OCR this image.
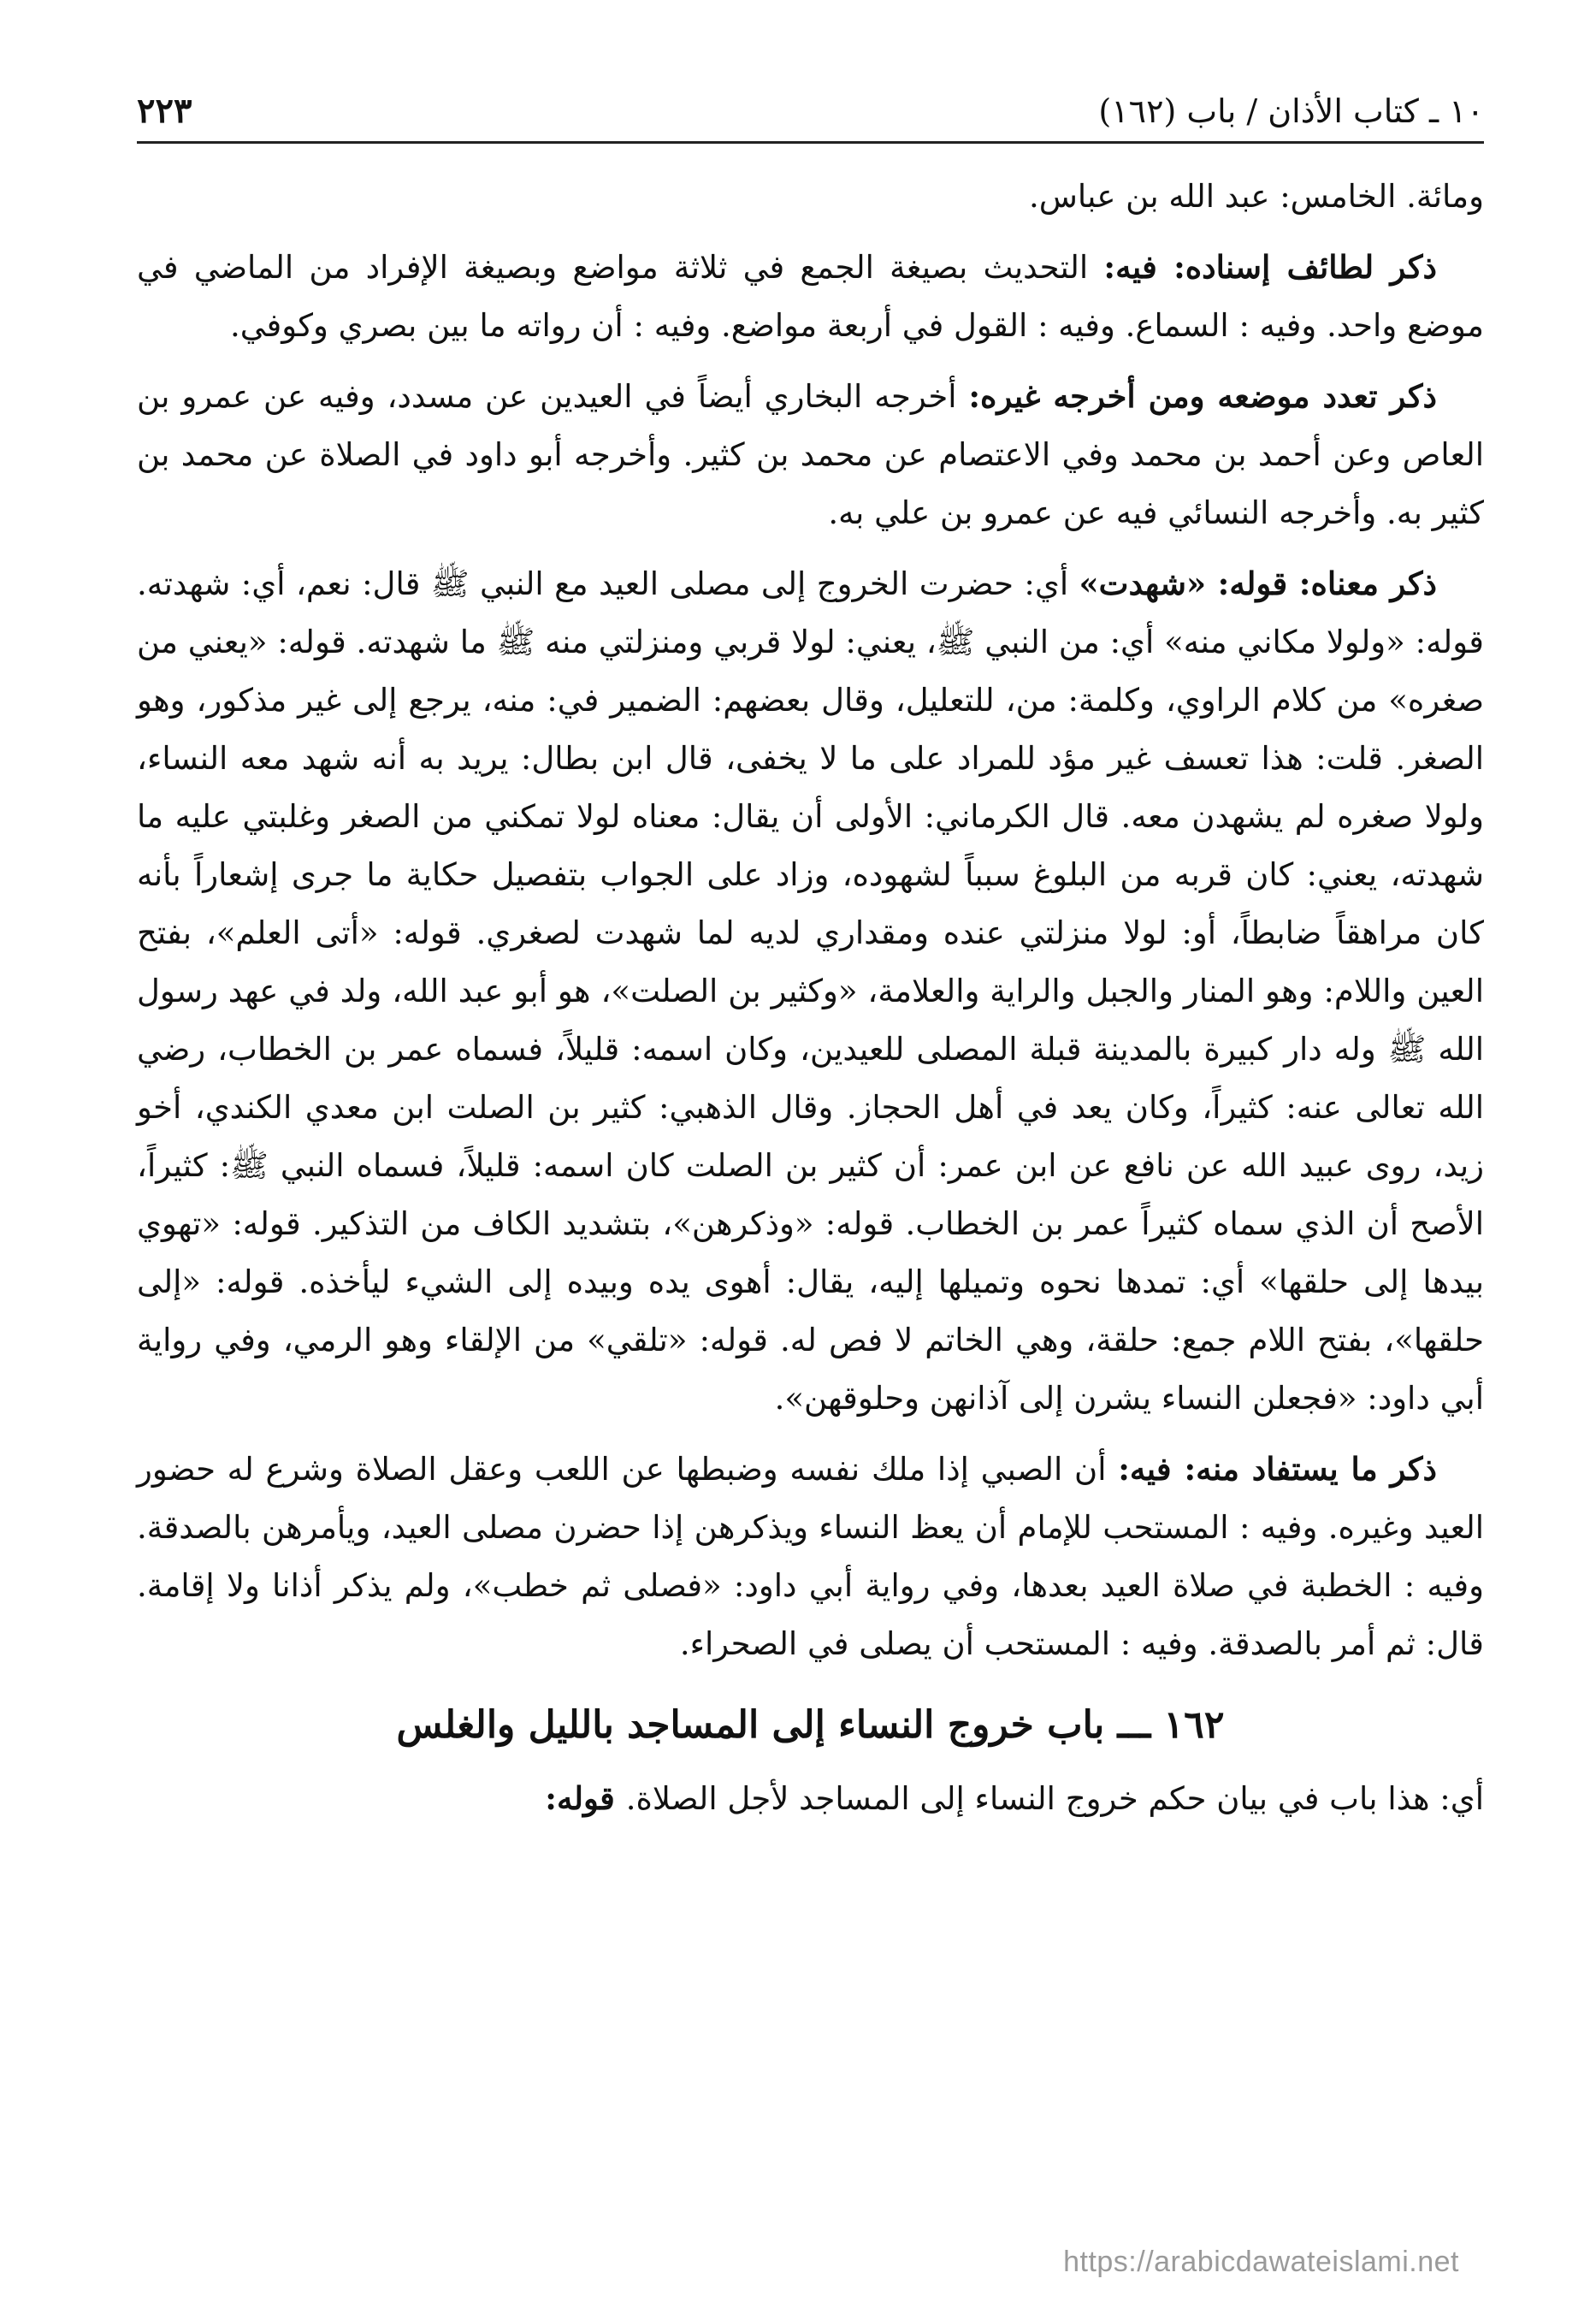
١٠ ـ كتاب الأذان / باب (١٦٢)
٢٢٣

ومائة. الخامس: عبد الله بن عباس.

ذكر لطائف إسناده: فيه: التحديث بصيغة الجمع في ثلاثة مواضع وبصيغة الإفراد من الماضي في موضع واحد. وفيه : السماع. وفيه : القول في أربعة مواضع. وفيه : أن رواته ما بين بصري وكوفي.

ذكر تعدد موضعه ومن أخرجه غيره: أخرجه البخاري أيضاً في العيدين عن مسدد، وفيه عن عمرو بن العاص وعن أحمد بن محمد وفي الاعتصام عن محمد بن كثير. وأخرجه أبو داود في الصلاة عن محمد بن كثير به. وأخرجه النسائي فيه عن عمرو بن علي به.

ذكر معناه: قوله: «شهدت» أي: حضرت الخروج إلى مصلى العيد مع النبي ﷺ قال: نعم، أي: شهدته. قوله: «ولولا مكاني منه» أي: من النبي ﷺ، يعني: لولا قربي ومنزلتي منه ﷺ ما شهدته. قوله: «يعني من صغره» من كلام الراوي، وكلمة: من، للتعليل، وقال بعضهم: الضمير في: منه، يرجع إلى غير مذكور، وهو الصغر. قلت: هذا تعسف غير مؤد للمراد على ما لا يخفى، قال ابن بطال: يريد به أنه شهد معه النساء، ولولا صغره لم يشهدن معه. قال الكرماني: الأولى أن يقال: معناه لولا تمكني من الصغر وغلبتي عليه ما شهدته، يعني: كان قربه من البلوغ سبباً لشهوده، وزاد على الجواب بتفصيل حكاية ما جرى إشعاراً بأنه كان مراهقاً ضابطاً، أو: لولا منزلتي عنده ومقداري لديه لما شهدت لصغري. قوله: «أتى العلم»، بفتح العين واللام: وهو المنار والجبل والراية والعلامة، «وكثير بن الصلت»، هو أبو عبد الله، ولد في عهد رسول الله ﷺ وله دار كبيرة بالمدينة قبلة المصلى للعيدين، وكان اسمه: قليلاً، فسماه عمر بن الخطاب، رضي الله تعالى عنه: كثيراً، وكان يعد في أهل الحجاز. وقال الذهبي: كثير بن الصلت ابن معدي الكندي، أخو زيد، روى عبيد الله عن نافع عن ابن عمر: أن كثير بن الصلت كان اسمه: قليلاً، فسماه النبي ﷺ: كثيراً، الأصح أن الذي سماه كثيراً عمر بن الخطاب. قوله: «وذكرهن»، بتشديد الكاف من التذكير. قوله: «تهوي بيدها إلى حلقها» أي: تمدها نحوه وتميلها إليه، يقال: أهوى يده وبيده إلى الشيء ليأخذه. قوله: «إلى حلقها»، بفتح اللام جمع: حلقة، وهي الخاتم لا فص له. قوله: «تلقي» من الإلقاء وهو الرمي، وفي رواية أبي داود: «فجعلن النساء يشرن إلى آذانهن وحلوقهن».

ذكر ما يستفاد منه: فيه: أن الصبي إذا ملك نفسه وضبطها عن اللعب وعقل الصلاة وشرع له حضور العيد وغيره. وفيه : المستحب للإمام أن يعظ النساء ويذكرهن إذا حضرن مصلى العيد، ويأمرهن بالصدقة. وفيه : الخطبة في صلاة العيد بعدها، وفي رواية أبي داود: «فصلى ثم خطب»، ولم يذكر أذانا ولا إقامة. قال: ثم أمر بالصدقة. وفيه : المستحب أن يصلى في الصحراء.

١٦٢ ـــ باب خروج النساء إلى المساجد بالليل والغلس

أي: هذا باب في بيان حكم خروج النساء إلى المساجد لأجل الصلاة. قوله:

https://arabicdawateislami.net
